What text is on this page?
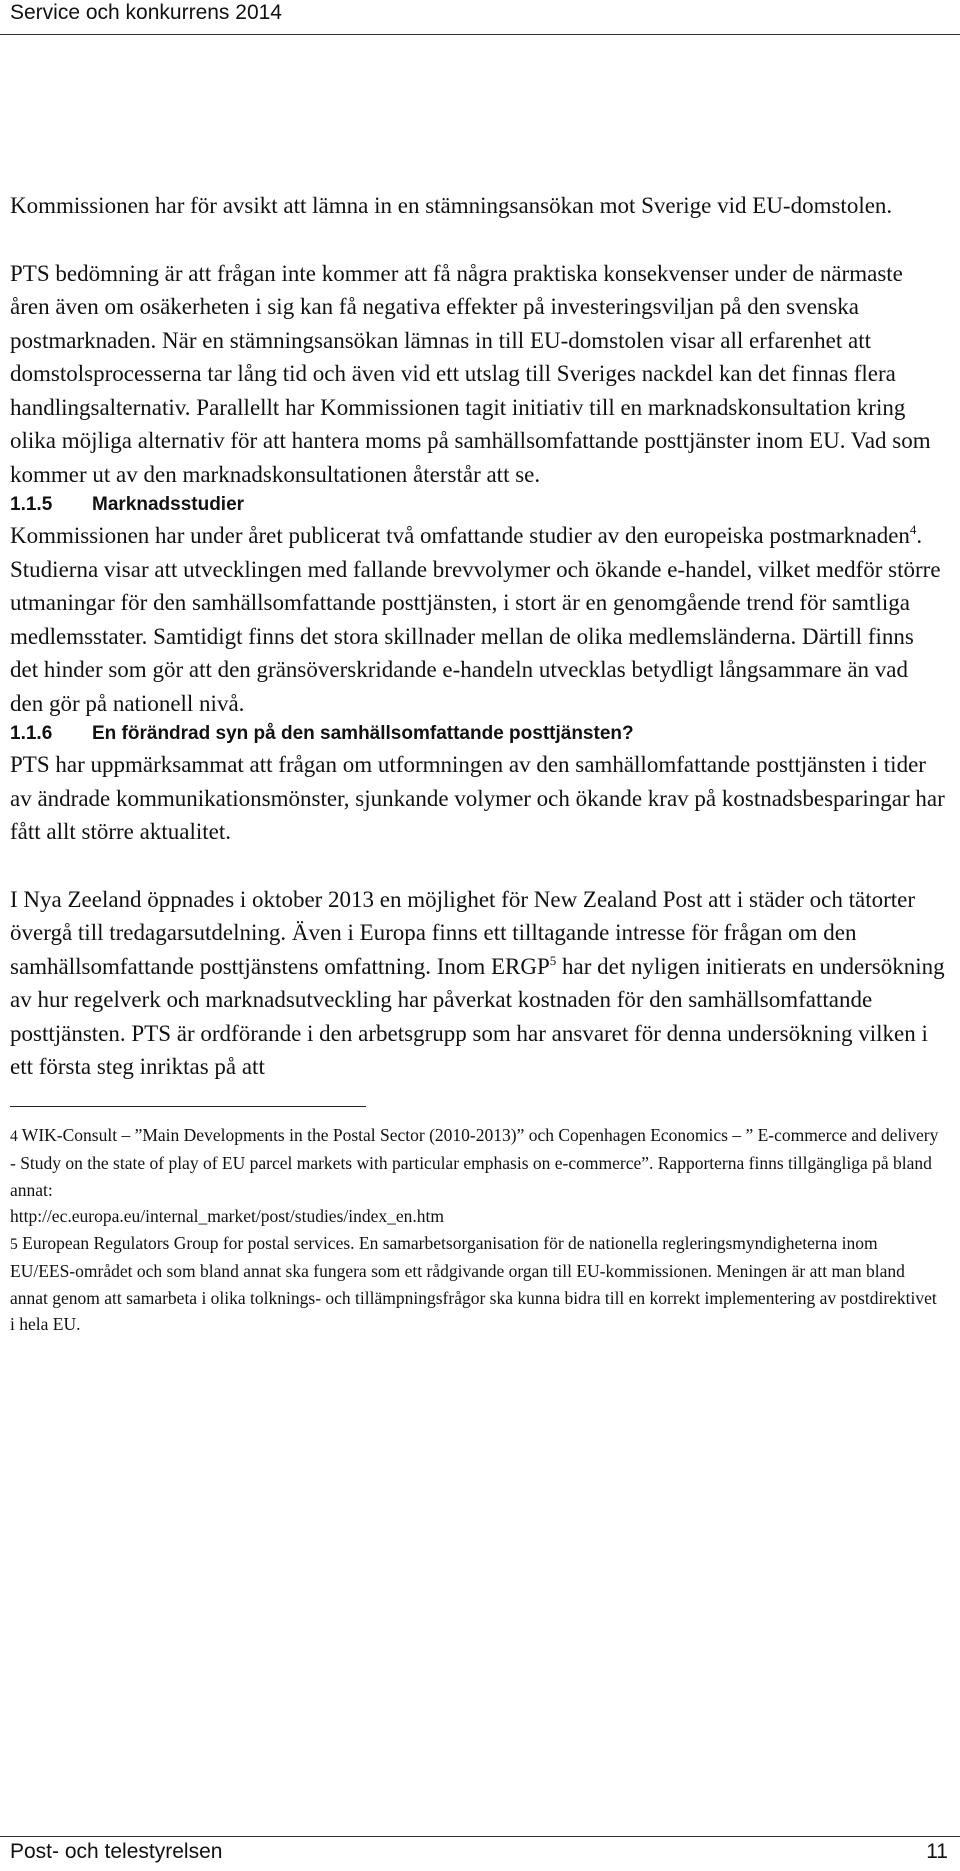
Service och konkurrens 2014

Kommissionen har för avsikt att lämna in en stämningsansökan mot Sverige vid EU-domstolen.

PTS bedömning är att frågan inte kommer att få några praktiska konsekvenser under de närmaste åren även om osäkerheten i sig kan få negativa effekter på investeringsviljan på den svenska postmarknaden. När en stämningsansökan lämnas in till EU-domstolen visar all erfarenhet att domstolsprocesserna tar lång tid och även vid ett utslag till Sveriges nackdel kan det finnas flera handlingsalternativ. Parallellt har Kommissionen tagit initiativ till en marknadskonsultation kring olika möjliga alternativ för att hantera moms på samhällsomfattande posttjänster inom EU. Vad som kommer ut av den marknadskonsultationen återstår att se.

1.1.5 Marknadsstudier

Kommissionen har under året publicerat två omfattande studier av den europeiska postmarknaden$^4$. Studierna visar att utvecklingen med fallande brevvolymer och ökande e-handel, vilket medför större utmaningar för den samhällsomfattande posttjänsten, i stort är en genomgående trend för samtliga medlemsstater. Samtidigt finns det stora skillnader mellan de olika medlemsländerna. Därtill finns det hinder som gör att den gränsöverskridande e-handeln utvecklas betydligt långsammare än vad den gör på nationell nivå.

1.1.6 En förändrad syn på den samhällsomfattande posttjänsten?

PTS har uppmärksammat att frågan om utformningen av den samhällomfattande posttjänsten i tider av ändrade kommunikationsmönster, sjunkande volymer och ökande krav på kostnadsbesparingar har fått allt större aktualitet.

I Nya Zeeland öppnades i oktober 2013 en möjlighet för New Zealand Post att i städer och tätorter övergå till tredagarsutdelning. Även i Europa finns ett tilltagande intresse för frågan om den samhällsomfattande posttjänstens omfattning. Inom ERGP$^5$ har det nyligen initierats en undersökning av hur regelverk och marknadsutveckling har påverkat kostnaden för den samhällsomfattande posttjänsten. PTS är ordförande i den arbetsgrupp som har ansvaret för denna undersökning vilken i ett första steg inriktas på att

4 WIK-Consult – ”Main Developments in the Postal Sector (2010-2013)” och Copenhagen Economics – ” E-commerce and delivery - Study on the state of play of EU parcel markets with particular emphasis on e-commerce”. Rapporterna finns tillgängliga på bland annat:
http://ec.europa.eu/internal_market/post/studies/index_en.htm

5 European Regulators Group for postal services. En samarbetsorganisation för de nationella regleringsmyndigheterna inom EU/EES-området och som bland annat ska fungera som ett rådgivande organ till EU-kommissionen. Meningen är att man bland annat genom att samarbeta i olika tolknings- och tillämpningsfrågor ska kunna bidra till en korrekt implementering av postdirektivet i hela EU.

Post- och telestyrelsen	11
